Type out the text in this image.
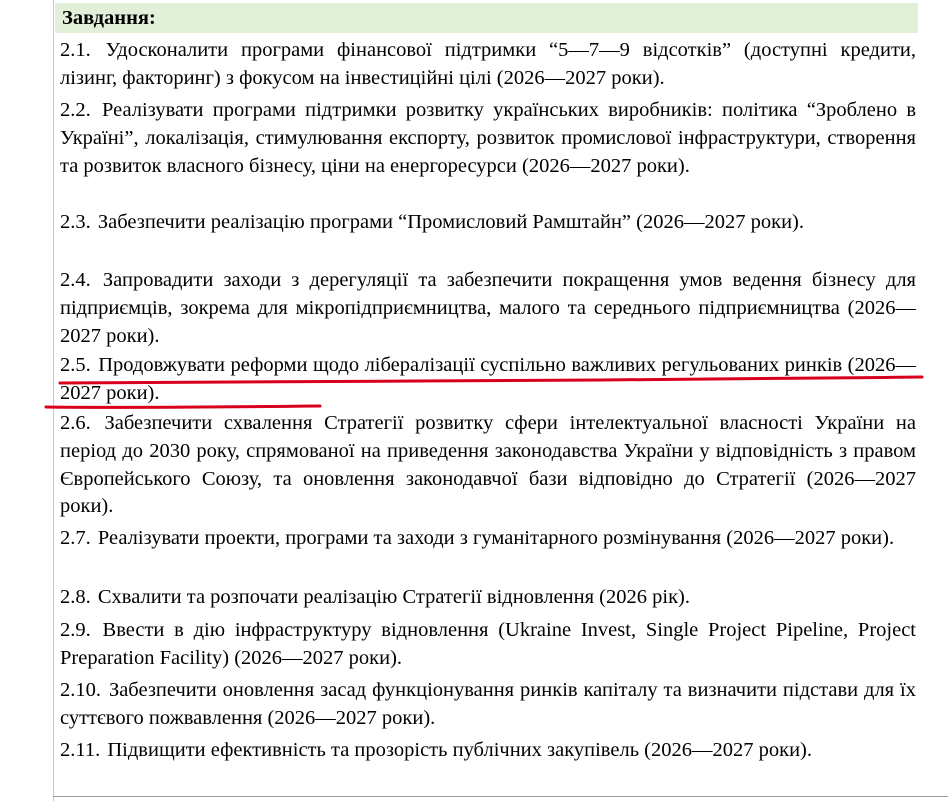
Завдання:

2.1. Удосконалити програми фінансової підтримки “5—7—9 відсотків” (доступні кредити, лізинг, факторинг) з фокусом на інвестиційні цілі (2026—2027 роки).

2.2. Реалізувати програми підтримки розвитку українських виробників: політика “Зроблено в Україні”, локалізація, стимулювання експорту, розвиток промислової інфраструктури, створення та розвиток власного бізнесу, ціни на енергоресурси (2026—2027 роки).

2.3. Забезпечити реалізацію програми “Промисловий Рамштайн” (2026—2027 роки).

2.4. Запровадити заходи з дерегуляції та забезпечити покращення умов ведення бізнесу для підприємців, зокрема для мікропідприємництва, малого та середнього підприємництва (2026—2027 роки).

2.5. Продовжувати реформи щодо лібералізації суспільно важливих регульованих ринків (2026—2027 роки).

2.6. Забезпечити схвалення Стратегії розвитку сфери інтелектуальної власності України на період до 2030 року, спрямованої на приведення законодавства України у відповідність з правом Європейського Союзу, та оновлення законодавчої бази відповідно до Стратегії (2026—2027 роки).

2.7. Реалізувати проекти, програми та заходи з гуманітарного розмінування (2026—2027 роки).

2.8. Схвалити та розпочати реалізацію Стратегії відновлення (2026 рік).

2.9. Ввести в дію інфраструктуру відновлення (Ukraine Invest, Single Project Pipeline, Project Preparation Facility) (2026—2027 роки).

2.10. Забезпечити оновлення засад функціонування ринків капіталу та визначити підстави для їх суттєвого пожвавлення (2026—2027 роки).

2.11. Підвищити ефективність та прозорість публічних закупівель (2026—2027 роки).
